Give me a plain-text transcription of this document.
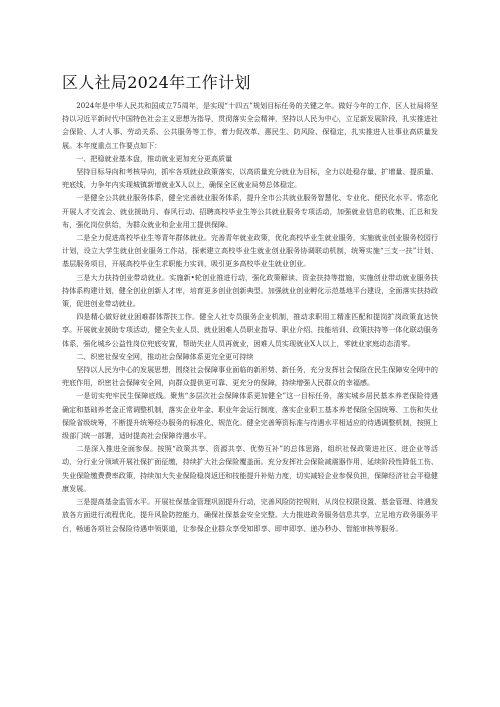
区人社局2024年工作计划

2024年是中华人民共和国成立75周年，是实现“十四五”规划目标任务的关键之年。做好今年的工作，区人社局将坚持以习近平新时代中国特色社会主义思想为指导，贯彻落实全会精神，坚持以人民为中心，立足新发展阶段，扎实推进社会保险、人才人事、劳动关系、公共服务等工作，着力促改革、惠民生、防风险、保稳定，扎实推进人社事业高质量发展。本年度重点工作要点如下：

一、把稳就业基本盘，推动就业更加充分更高质量

坚持目标导向和考核导向，抓牢各项就业政策落实，以高质量充分就业为目标，全力以赴稳存量、扩增量、提质量、兜底线，力争年内实现城镇新增就业X人以上，确保全区就业局势总体稳定。

一是健全公共就业服务体系，健全完善就业服务体系，提升全市公共就业服务智慧化、专业化、便民化水平。常态化开展人才交流会、就业援助月、春风行动、招聘高校毕业生等公共就业服务专项活动，加强就业信息的收集、汇总和发布，强化岗位供给，为群众就业和企业用工提供保障。

二是全力促进高校毕业生等青年群体就业。完善青年就业政策，优化高校毕业生就业服务，实施就业创业服务校园行计划，设立大学生就业创业服务工作站，探索建立高校毕业生就业创业服务协调联动机制，统筹实施“三支一扶”计划、基层服务项目，开展高校毕业生求职能力实训，吸引更多高校毕业生就业创业。

三是大力扶持创业带动就业。实施新•轮创业推进行动，强化政策解读、资金扶持等措施，实施创业带动就业服务扶持体系构建计划，健全创业创新人才库，培育更多创业创新典型。加强就业创业孵化示范基地平台建设，全面落实扶持政策，促进创业带动就业。

四是精心做好就业困难群体帮扶工作。健全人社专员服务企业机制，推动求职用工精准匹配和提岗扩岗政策直达快享。开展就业援助专项活动，健全失业人员、就业困难人员职业指导、职业介绍、技能培训、政策扶持等一体化联动服务体系，强化城乡公益性岗位兜底安置，帮助失业人员再就业，困难人员实现就业X人以上，零就业家庭动态清零。

二、织密社保安全网，推动社会保障体系更完全更可持续

坚持以人民为中心的发展思想，围绕社会保障事业面临的新形势、新任务，充分发挥社会保险在民生保障安全网中的兜底作用，织密社会保障安全网，向群众提供更可靠、更充分的保障，持续增强人民群众的幸福感。

一是切实兜牢民生保障底线。聚焦“多层次社会保障体系更加健全”这一目标任务，落实城乡居民基本养老保险待遇确定和基础养老金正常调整机制，落实企业年金、职业年金运行制度，落实企业职工基本养老保险全国统筹、工伤和失业保险省级统筹，不断提升统筹经办服务的标准化、规范化。健全完善筹资标准与待遇水平相适应的待遇调整机制，按照上级部门统一部署，适时提高社会保障待遇水平。

二是深入推进全面参保。按照“政策共享、资源共享、优势互补”的总体思路，组织社保政策进社区、进企业等活动，分行业分领域开展社保扩面征缴，持续扩大社会保险覆盖面。充分发挥社会保险减震器作用，延续阶段性降低工伤、失业保险缴费费率政策，持续加大失业保险稳岗返还和技能提升补贴力度，切实减轻企业参保负担，保障经济社会平稳健康发展。

三是提高基金监管水平。开展社保基金管理巩固提升行动，完善风险防控规则，从岗位权限设置、基金管理、待遇发放各方面进行流程优化，提升风险防控能力，确保社保基金安全完整。大力推进政务服务信息共享，立足地方政务服务平台，畅通各项社会保险待遇申领渠道，让参保企业群众享受知即享、即申即享、递办秒办、智能审核等服务。
